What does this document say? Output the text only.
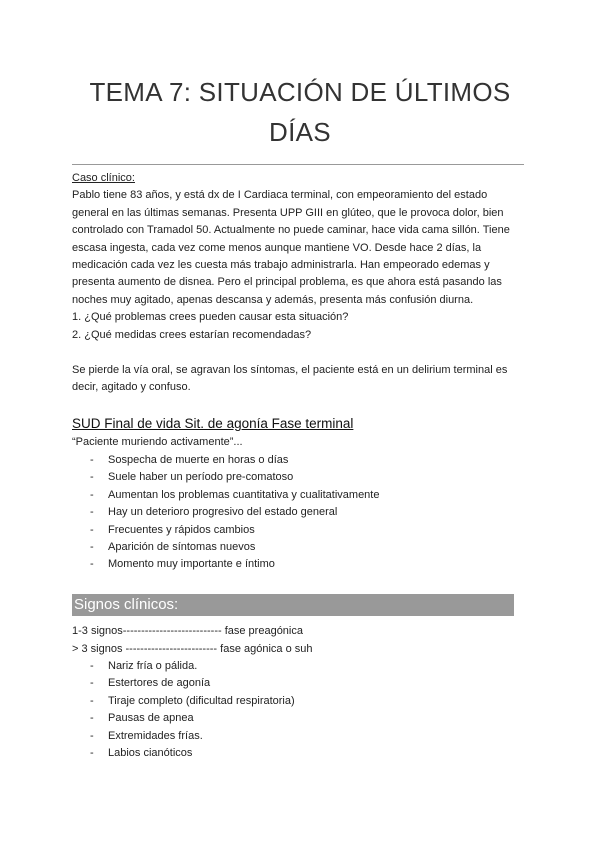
TEMA 7: SITUACIÓN DE ÚLTIMOS
DÍAS
Caso clínico:
Pablo tiene 83 años, y está dx de I Cardiaca terminal, con empeoramiento del estado
general en las últimas semanas. Presenta UPP GIII en glúteo, que le provoca dolor, bien
controlado con Tramadol 50. Actualmente no puede caminar, hace vida cama sillón. Tiene
escasa ingesta, cada vez come menos aunque mantiene VO. Desde hace 2 días, la
medicación cada vez les cuesta más trabajo administrarla. Han empeorado edemas y
presenta aumento de disnea. Pero el principal problema, es que ahora está pasando las
noches muy agitado, apenas descansa y además, presenta más confusión diurna.
1. ¿Qué problemas crees pueden causar esta situación?
2. ¿Qué medidas crees estarían recomendadas?
Se pierde la vía oral, se agravan los síntomas, el paciente está en un delirium terminal es
decir, agitado y confuso.
SUD Final de vida Sit. de agonía Fase terminal
“Paciente muriendo activamente”...
- Sospecha de muerte en horas o días
- Suele haber un período pre-comatoso
- Aumentan los problemas cuantitativa y cualitativamente
- Hay un deterioro progresivo del estado general
- Frecuentes y rápidos cambios
- Aparición de síntomas nuevos
- Momento muy importante e íntimo
Signos clínicos:
1-3 signos--------------------------- fase preagónica
> 3 signos ------------------------- fase agónica o suh
- Nariz fría o pálida.
- Estertores de agonía
- Tiraje completo (dificultad respiratoria)
- Pausas de apnea
- Extremidades frías.
- Labios cianóticos
